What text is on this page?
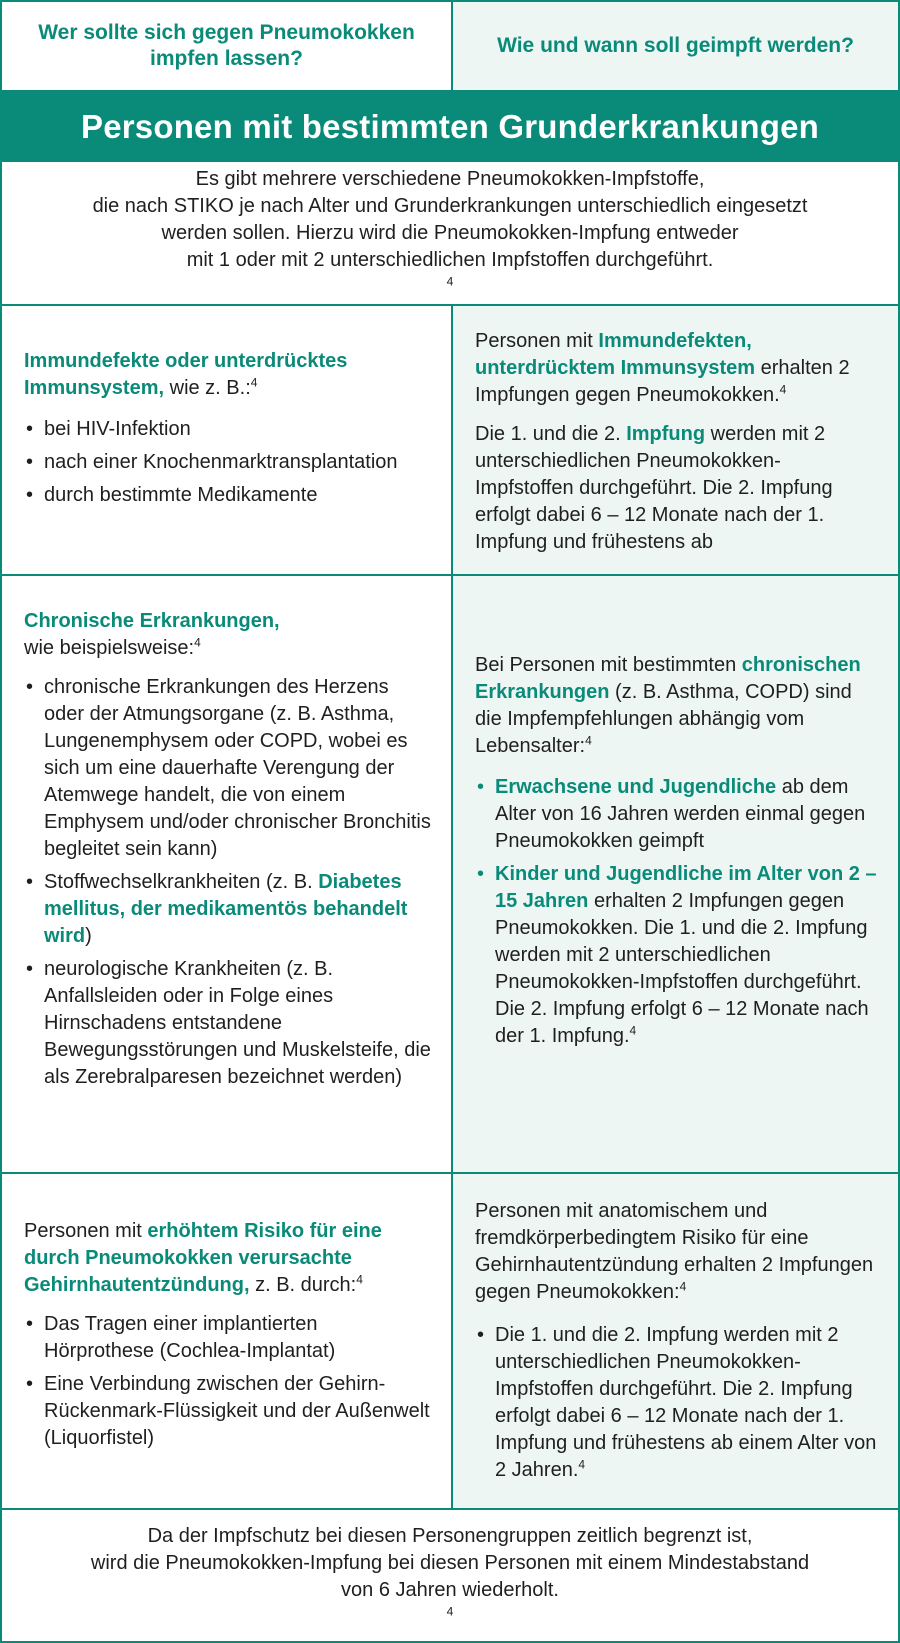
Wer sollte sich gegen Pneumokokken impfen lassen?
Wie und wann soll geimpft werden?
Personen mit bestimmten Grunderkrankungen
Es gibt mehrere verschiedene Pneumokokken-Impfstoffe,
die nach STIKO je nach Alter und Grunderkrankungen unterschiedlich eingesetzt
werden sollen. Hierzu wird die Pneumokokken-Impfung entweder
mit 1 oder mit 2 unterschiedlichen Impfstoffen durchgeführt.
$^4$

Immundefekte oder unterdrücktes Immunsystem, wie z. B.:$^4$

• bei HIV-Infektion
• nach einer Knochenmarktransplantation
• durch bestimmte Medikamente

Personen mit Immundefekten, unterdrücktem Immunsystem erhalten 2 Impfungen gegen Pneumokokken.$^4$

Die 1. und die 2. Impfung werden mit 2 unterschiedlichen Pneumokokken-Impfstoffen durchgeführt. Die 2. Impfung erfolgt dabei 6 – 12 Monate nach der 1. Impfung und frühestens ab

Chronische Erkrankungen,
wie beispielsweise:$^4$

• chronische Erkrankungen des Herzens oder der Atmungsorgane (z. B. Asthma, Lungenemphysem oder COPD, wobei es sich um eine dauerhafte Verengung der Atemwege handelt, die von einem Emphysem und/oder chronischer Bronchitis begleitet sein kann)
• Stoffwechselkrankheiten (z. B. Diabetes mellitus, der medikamentös behandelt wird)
• neurologische Krankheiten (z. B. Anfallsleiden oder in Folge eines Hirnschadens entstandene Bewegungsstörungen und Muskelsteife, die als Zerebralparesen bezeichnet werden)

Bei Personen mit bestimmten chronischen Erkrankungen (z. B. Asthma, COPD) sind die Impfempfehlungen abhängig vom Lebensalter:$^4$

• Erwachsene und Jugendliche ab dem Alter von 16 Jahren werden einmal gegen Pneumokokken geimpft
• Kinder und Jugendliche im Alter von 2 – 15 Jahren erhalten 2 Impfungen gegen Pneumokokken. Die 1. und die 2. Impfung werden mit 2 unterschiedlichen Pneumokokken-Impfstoffen durchgeführt. Die 2. Impfung erfolgt 6 – 12 Monate nach der 1. Impfung.$^4$

Personen mit erhöhtem Risiko für eine durch Pneumokokken verursachte Gehirnhautentzündung, z. B. durch:$^4$

• Das Tragen einer implantierten Hörprothese (Cochlea-Implantat)
• Eine Verbindung zwischen der Gehirn-Rückenmark-Flüssigkeit und der Außenwelt (Liquorfistel)

Personen mit anatomischem und fremdkörperbedingtem Risiko für eine Gehirnhautentzündung erhalten 2 Impfungen gegen Pneumokokken:$^4$

• Die 1. und die 2. Impfung werden mit 2 unterschiedlichen Pneumokokken-Impfstoffen durchgeführt. Die 2. Impfung erfolgt dabei 6 – 12 Monate nach der 1. Impfung und frühestens ab einem Alter von 2 Jahren.$^4$
Da der Impfschutz bei diesen Personengruppen zeitlich begrenzt ist,
wird die Pneumokokken-Impfung bei diesen Personen mit einem Mindestabstand
von 6 Jahren wiederholt.
$^4$
